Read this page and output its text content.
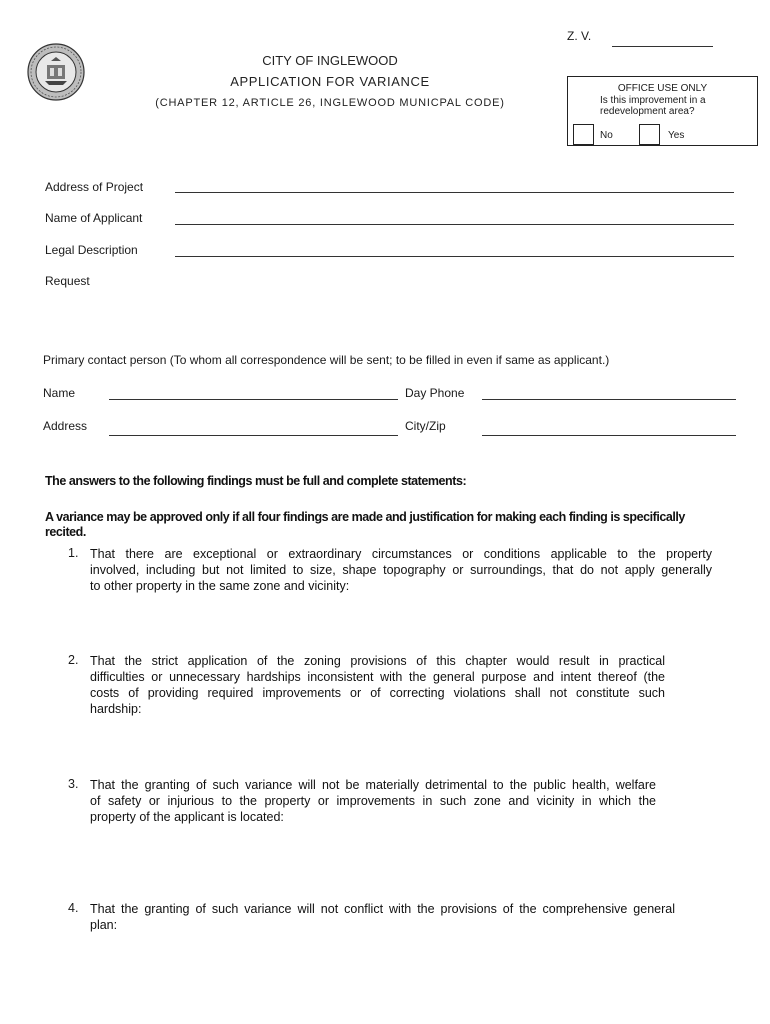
Z. V.
CITY OF INGLEWOOD
APPLICATION FOR VARIANCE
(CHAPTER 12, ARTICLE 26, INGLEWOOD MUNICPAL CODE)
OFFICE USE ONLY
Is this improvement in a
redevelopment area?
No	Yes
Address of Project
Name of Applicant
Legal Description
Request
Primary contact person (To whom all correspondence will be sent; to be filled in even if same as applicant.)
Name	Day Phone
Address	City/Zip
The answers to the following findings must be full and complete statements:
A variance may be approved only if all four findings are made and justification for making each finding is specifically
recited.
1. That there are exceptional or extraordinary circumstances or conditions applicable to the property
involved, including but not limited to size, shape topography or surroundings, that do not apply generally
to other property in the same zone and vicinity:
2. That the strict application of the zoning provisions of this chapter would result in practical
difficulties or unnecessary hardships inconsistent with the general purpose and intent thereof (the
costs of providing required improvements or of correcting violations shall not constitute such
hardship:
3. That the granting of such variance will not be materially detrimental to the public health, welfare
of safety or injurious to the property or improvements in such zone and vicinity in which the
property of the applicant is located:
4. That the granting of such variance will not conflict with the provisions of the comprehensive general
plan:
